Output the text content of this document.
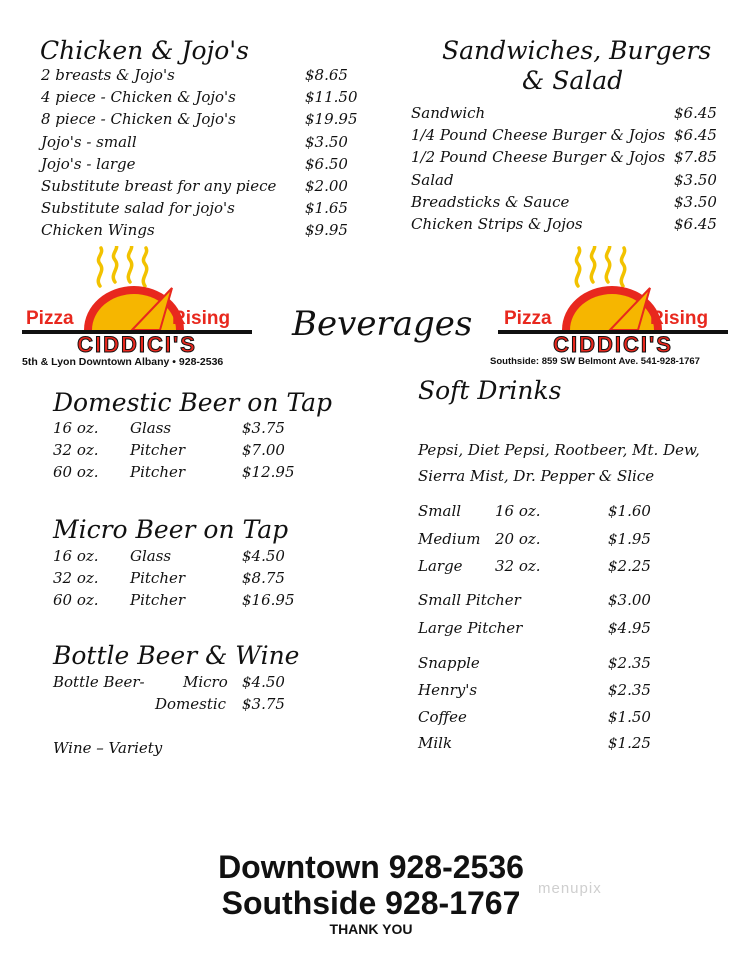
Chicken & Jojo's
2 breasts & Jojo's	$8.65
4 piece - Chicken & Jojo's	$11.50
8 piece - Chicken & Jojo's	$19.95
Jojo's - small	$3.50
Jojo's - large	$6.50
Substitute breast for any piece $2.00
Substitute salad for jojo's	$1.65
Chicken Wings	$9.95
Sandwiches, Burgers
& Salad
Sandwich	$6.45
1/4 Pound Cheese Burger & Jojos $6.45
1/2 Pound Cheese Burger & Jojos $7.85
Salad	$3.50
Breadsticks & Sauce	$3.50
Chicken Strips & Jojos	$6.45
Pizza	Rising
CIDDICI'S
5th & Lyon Downtown Albany • 928-2536
Beverages Pizza	Rising
CIDDICI'S
Southside: 859 SW Belmont Ave. 541-928-1767
Domestic Beer on Tap
16 oz. Glass	$3.75
32 oz. Pitcher	$7.00
60 oz. Pitcher	$12.95
Micro Beer on Tap
16 oz. Glass	$4.50
32 oz. Pitcher	$8.75
60 oz. Pitcher	$16.95
Bottle Beer & Wine
Bottle Beer-	Micro $4.50
Domestic $3.75
Wine – Variety
Soft Drinks
Pepsi, Diet Pepsi, Rootbeer, Mt. Dew,
Sierra Mist, Dr. Pepper & Slice
Small 16 oz.	$1.60
Medium 20 oz.	$1.95
Large 32 oz.	$2.25
Small Pitcher	$3.00
Large Pitcher	$4.95
Snapple	$2.35
Henry's	$2.35
Coffee	$1.50
Milk	$1.25
Downtown 928-2536
Southside 928-1767
THANK YOU
menupix
